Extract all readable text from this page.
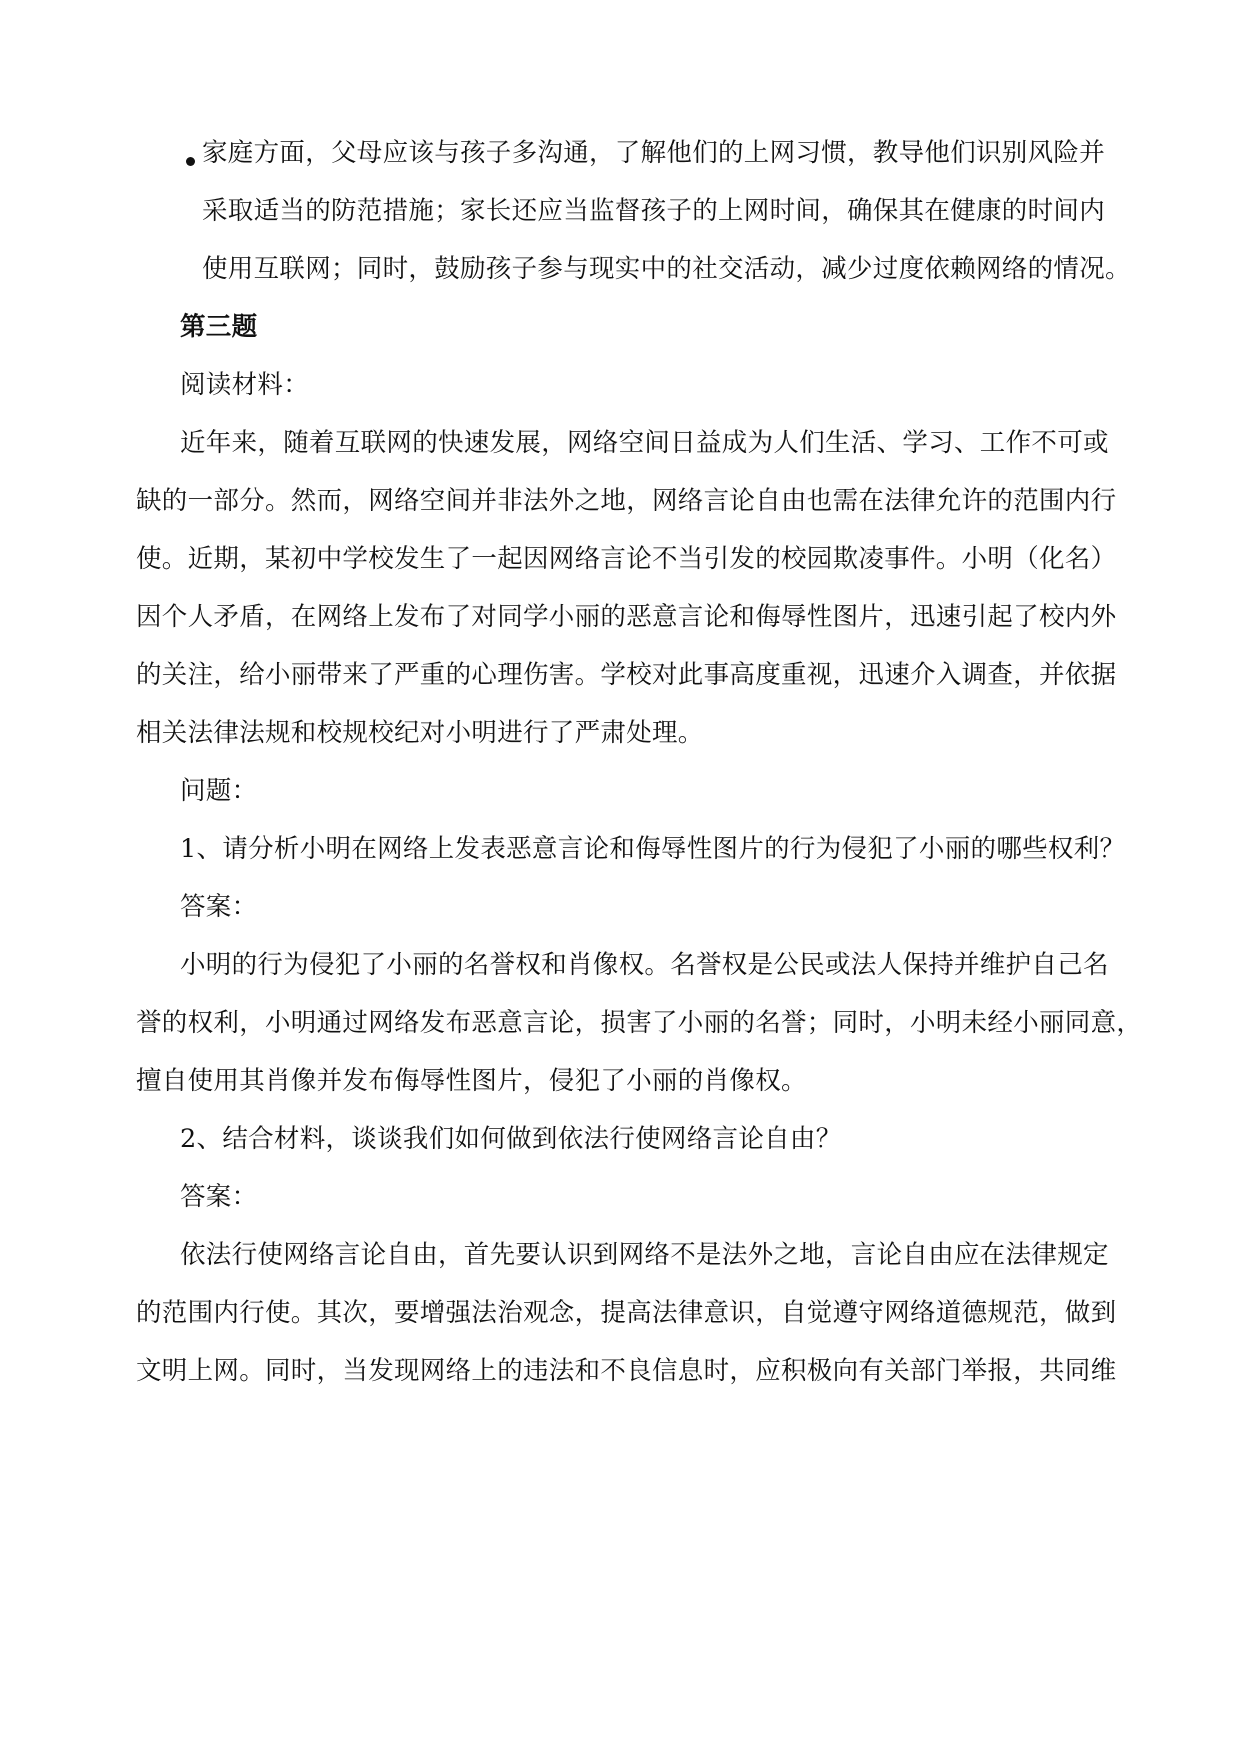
家庭方面，父母应该与孩子多沟通，了解他们的上网习惯，教导他们识别风险并
采取适当的防范措施；家长还应当监督孩子的上网时间，确保其在健康的时间内
使用互联网；同时，鼓励孩子参与现实中的社交活动，减少过度依赖网络的情况。
第三题
阅读材料：
近年来，随着互联网的快速发展，网络空间日益成为人们生活、学习、工作不可或
缺的一部分。然而，网络空间并非法外之地，网络言论自由也需在法律允许的范围内行
使。近期，某初中学校发生了一起因网络言论不当引发的校园欺凌事件。小明（化名）
因个人矛盾，在网络上发布了对同学小丽的恶意言论和侮辱性图片，迅速引起了校内外
的关注，给小丽带来了严重的心理伤害。学校对此事高度重视，迅速介入调查，并依据
相关法律法规和校规校纪对小明进行了严肃处理。
问题：
1、请分析小明在网络上发表恶意言论和侮辱性图片的行为侵犯了小丽的哪些权利？
答案：
小明的行为侵犯了小丽的名誉权和肖像权。名誉权是公民或法人保持并维护自己名
誉的权利，小明通过网络发布恶意言论，损害了小丽的名誉；同时，小明未经小丽同意，
擅自使用其肖像并发布侮辱性图片，侵犯了小丽的肖像权。
2、结合材料，谈谈我们如何做到依法行使网络言论自由？
答案：
依法行使网络言论自由，首先要认识到网络不是法外之地，言论自由应在法律规定
的范围内行使。其次，要增强法治观念，提高法律意识，自觉遵守网络道德规范，做到
文明上网。同时，当发现网络上的违法和不良信息时，应积极向有关部门举报，共同维
